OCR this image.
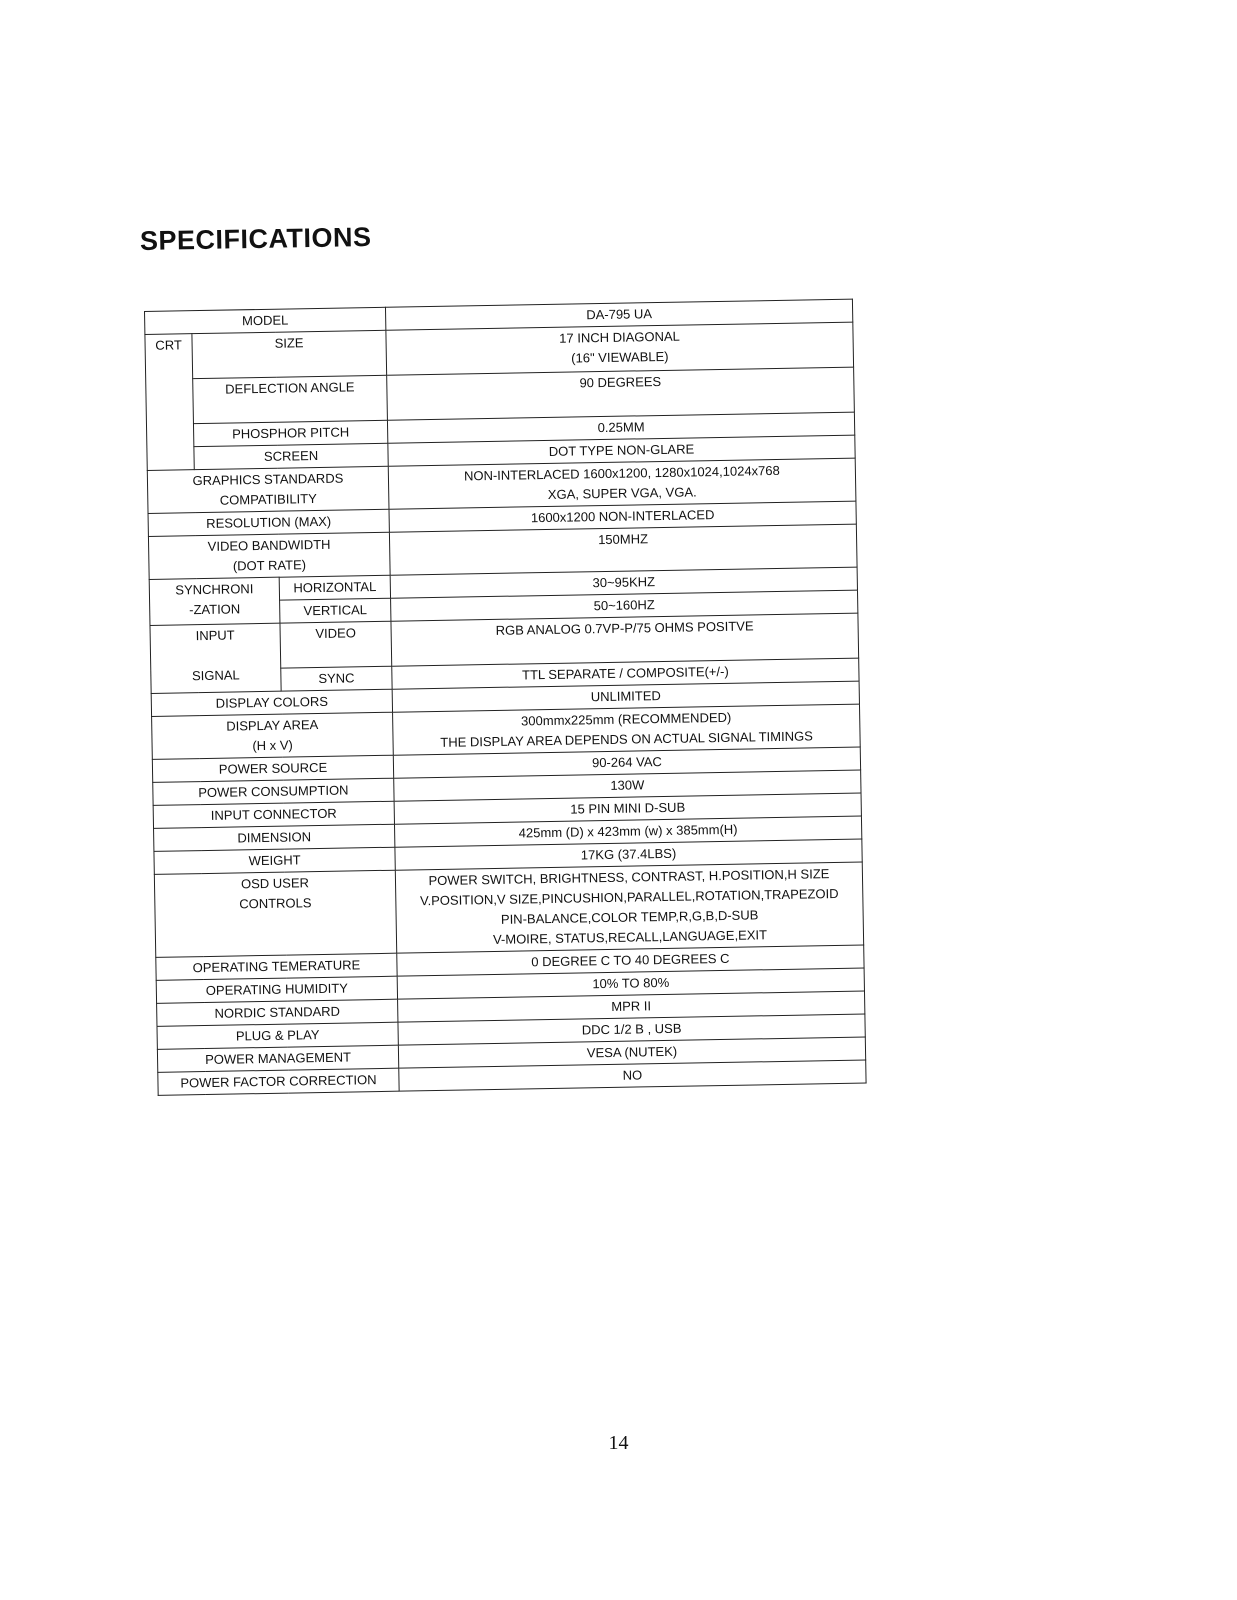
SPECIFICATIONS
MODEL			DA-795 UA
CRT	SIZE		17 INCH DIAGONAL
(16" VIEWABLE)

	DEFLECTION ANGLE		90 DEGREES
	PHOSPHOR PITCH		0.25MM
	SCREEN		DOT TYPE NON-GLARE

GRAPHICS STANDARDS
COMPATIBILITY			NON-INTERLACED 1600x1200, 1280x1024,1024x768
XGA, SUPER VGA, VGA.

RESOLUTION (MAX)			1600x1200 NON-INTERLACED

VIDEO BANDWIDTH
(DOT RATE)			150MHZ

SYNCHRONI
-ZATION		HORIZONTAL	30~95KHZ
		VERTICAL	50~160HZ

INPUT
SIGNAL		VIDEO	RGB ANALOG 0.7VP-P/75 OHMS POSITVE
		SYNC	TTL SEPARATE / COMPOSITE(+/-)
DISPLAY COLORS			UNLIMITED

DISPLAY AREA
(H x V)			300mmx225mm (RECOMMENDED)
THE DISPLAY AREA DEPENDS ON ACTUAL SIGNAL TIMINGS

POWER SOURCE			90-264 VAC
POWER CONSUMPTION			130W
INPUT CONNECTOR			15 PIN MINI D-SUB
DIMENSION			425mm (D) x 423mm (w) x 385mm(H)
WEIGHT			17KG (37.4LBS)

OSD USER
CONTROLS			POWER SWITCH, BRIGHTNESS, CONTRAST, H.POSITION,H SIZE
V.POSITION,V SIZE,PINCUSHION,PARALLEL,ROTATION,TRAPEZOID
PIN-BALANCE,COLOR TEMP,R,G,B,D-SUB
V-MOIRE, STATUS,RECALL,LANGUAGE,EXIT

OPERATING TEMERATURE			0 DEGREE C TO 40 DEGREES C
OPERATING HUMIDITY			10% TO 80%
NORDIC STANDARD			MPR II
PLUG & PLAY			DDC 1/2 B , USB
POWER MANAGEMENT			VESA (NUTEK)
POWER FACTOR CORRECTION			NO
14
